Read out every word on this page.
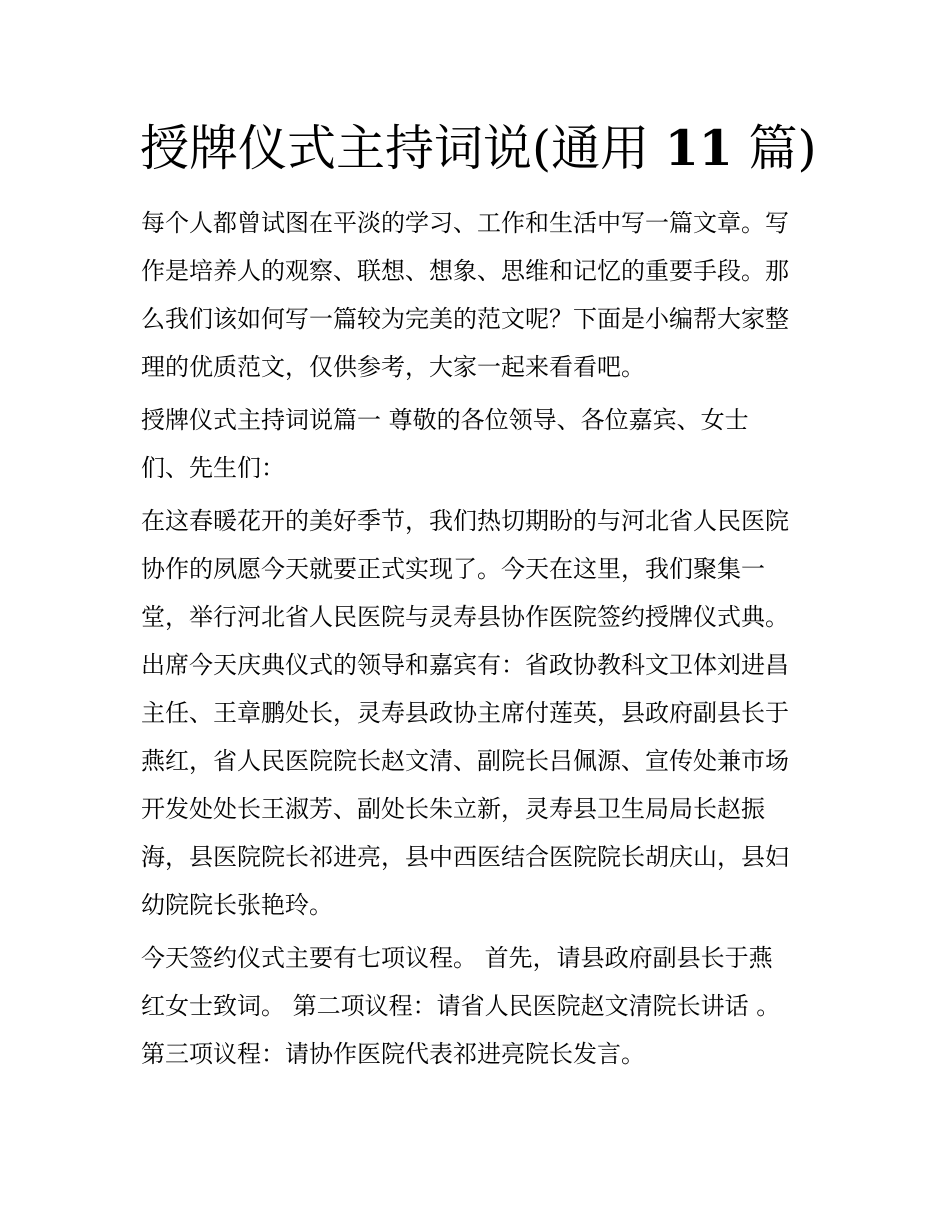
授牌仪式主持词说(通用 11 篇)
每个人都曾试图在平淡的学习、工作和生活中写一篇文章。写
作是培养人的观察、联想、想象、思维和记忆的重要手段。那
么我们该如何写一篇较为完美的范文呢？下面是小编帮大家整
理的优质范文，仅供参考，大家一起来看看吧。
授牌仪式主持词说篇一 尊敬的各位领导、各位嘉宾、女士
们、先生们：
在这春暖花开的美好季节，我们热切期盼的与河北省人民医院
协作的夙愿今天就要正式实现了。今天在这里，我们聚集一
堂，举行河北省人民医院与灵寿县协作医院签约授牌仪式典。
出席今天庆典仪式的领导和嘉宾有：省政协教科文卫体刘进昌
主任、王章鹏处长，灵寿县政协主席付莲英，县政府副县长于
燕红，省人民医院院长赵文清、副院长吕佩源、宣传处兼市场
开发处处长王淑芳、副处长朱立新，灵寿县卫生局局长赵振
海，县医院院长祁进亮，县中西医结合医院院长胡庆山，县妇
幼院院长张艳玲。
今天签约仪式主要有七项议程。 首先，请县政府副县长于燕
红女士致词。 第二项议程：请省人民医院赵文清院长讲话 。
第三项议程：请协作医院代表祁进亮院长发言。
